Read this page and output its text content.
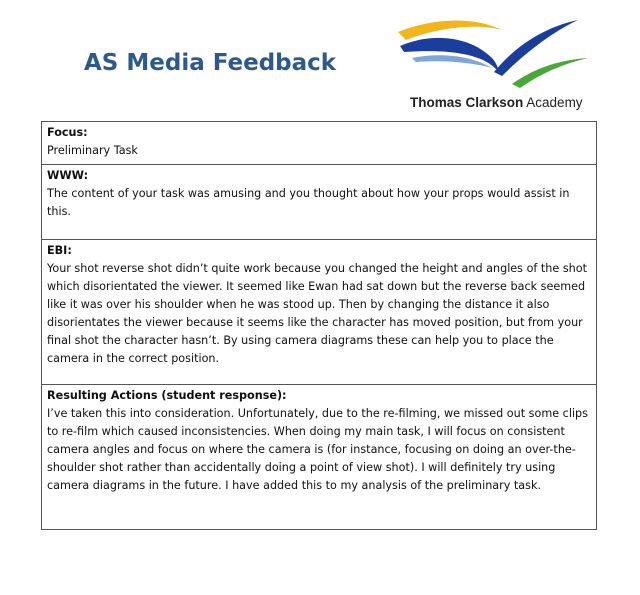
AS Media Feedback
Thomas Clarkson Academy
Focus:
Preliminary Task

WWW:
The content of your task was amusing and you thought about how your props would assist in this.

EBI:
Your shot reverse shot didn’t quite work because you changed the height and angles of the shot which disorientated the viewer. It seemed like Ewan had sat down but the reverse back seemed like it was over his shoulder when he was stood up. Then by changing the distance it also disorientates the viewer because it seems like the character has moved position, but from your final shot the character hasn’t. By using camera diagrams these can help you to place the camera in the correct position.

Resulting Actions (student response):
I’ve taken this into consideration. Unfortunately, due to the re-filming, we missed out some clips to re-film which caused inconsistencies. When doing my main task, I will focus on consistent camera angles and focus on where the camera is (for instance, focusing on doing an over-the-shoulder shot rather than accidentally doing a point of view shot). I will definitely try using camera diagrams in the future. I have added this to my analysis of the preliminary task.
